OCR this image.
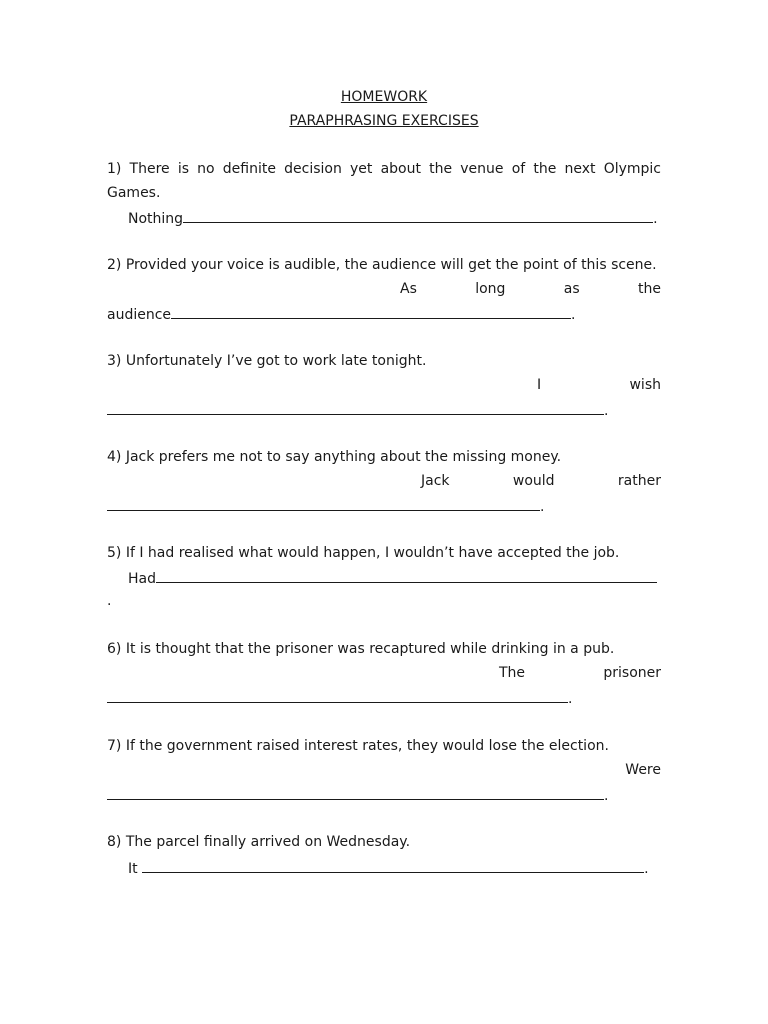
HOMEWORK
PARAPHRASING EXERCISES
1) There is no definite decision yet about the venue of the next Olympic
Games.
Nothing	.
2) Provided your voice is audible, the audience will get the point of this scene.
As long as the
audience	.
3) Unfortunately I’ve got to work late tonight.
I wish
.
4) Jack prefers me not to say anything about the missing money.
Jack would rather
.
5) If I had realised what would happen, I wouldn’t have accepted the job.
Had
.
6) It is thought that the prisoner was recaptured while drinking in a pub.
The prisoner
.
7) If the government raised interest rates, they would lose the election.
Were
.
8) The parcel finally arrived on Wednesday.
It	.
